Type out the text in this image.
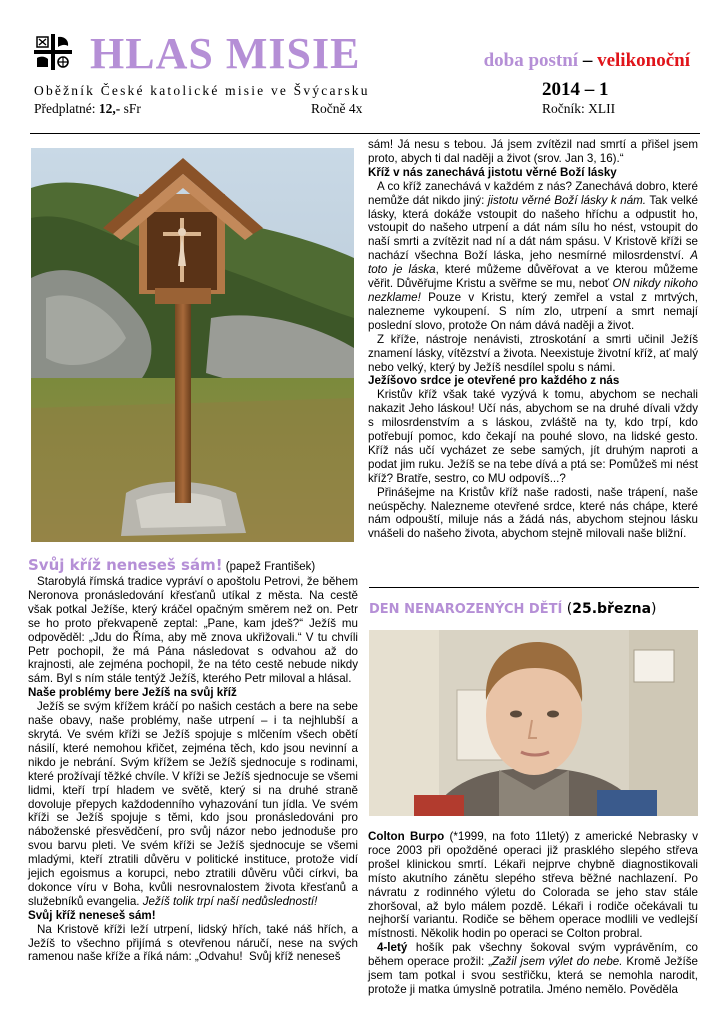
HLAS MISIE	doba postní – velikonoční
Oběžník České katolické misie ve Švýcarsku	2014 – 1
Předplatné: 12,- sFr	Ročně 4x	Ročník: XLII
Svůj kříž neneseš sám! (papež František)

Starobylá římská tradice vypráví o apoštolu Petrovi, že během Neronova pronásledování křesťanů utíkal z města. Na cestě však potkal Ježíše, který kráčel opačným směrem než on. Petr se ho proto překvapeně zeptal: „Pane, kam jdeš?“ Ježíš mu odpověděl: „Jdu do Říma, aby mě znova ukřižovali.“ V tu chvíli Petr pochopil, že má Pána následovat s odvahou až do krajnosti, ale zejména pochopil, že na této cestě nebude nikdy sám. Byl s ním stále tentýž Ježíš, kterého Petr miloval a hlásal.

Naše problémy bere Ježíš na svůj kříž

Ježíš se svým křížem kráčí po našich cestách a bere na sebe naše obavy, naše problémy, naše utrpení – i ta nejhlubší a skrytá. Ve svém kříži se Ježíš spojuje s mlčením všech obětí násilí, které nemohou křičet, zejména těch, kdo jsou nevinní a nikdo je nebrání. Svým křížem se Ježíš sjednocuje s rodinami, které prožívají těžké chvíle. V kříži se Ježíš sjednocuje se všemi lidmi, kteří trpí hladem ve světě, který si na druhé straně dovoluje přepych každodenního vyhazování tun jídla. Ve svém kříži se Ježíš spojuje s těmi, kdo jsou pronásledováni pro náboženské přesvědčení, pro svůj názor nebo jednoduše pro svou barvu pleti. Ve svém kříži se Ježíš sjednocuje se všemi mladými, kteří ztratili důvěru v politické instituce, protože vidí jejich egoismus a korupci, nebo ztratili důvěru vůči církvi, ba dokonce víru v Boha, kvůli nesrovnalostem života křesťanů a služebníků evangelia. Ježíš tolik trpí naší nedůsledností!

Svůj kříž neneseš sám!

Na Kristově kříži leží utrpení, lidský hřích, také náš hřích, a Ježíš to všechno přijímá s otevřenou náručí, nese na svých ramenou naše kříže a říká nám: „Odvahu!  Svůj kříž neneseš

sám! Já nesu s tebou. Já jsem zvítězil nad smrtí a přišel jsem proto, abych ti dal naději a život (srov. Jan 3, 16).“

Kříž v nás zanechává jistotu věrné Boží lásky

A co kříž zanechává v každém z nás? Zanechává dobro, které nemůže dát nikdo jiný: jistotu věrné Boží lásky k nám. Tak velké lásky, která dokáže vstoupit do našeho hříchu a odpustit ho, vstoupit do našeho utrpení a dát nám sílu ho nést, vstoupit do naší smrti a zvítězit nad ní a dát nám spásu. V Kristově kříži se nachází všechna Boží láska, jeho nesmírné milosrdenství. A toto je láska, které můžeme důvěřovat a ve kterou můžeme věřit. Důvěřujme Kristu a svěřme se mu, neboť ON nikdy nikoho nezklame! Pouze v Kristu, který zemřel a vstal z mrtvých, nalezneme vykoupení. S ním zlo, utrpení a smrt nemají poslední slovo, protože On nám dává naději a život.

Z kříže, nástroje nenávisti, ztroskotání a smrti učinil Ježíš znamení lásky, vítězství a života. Neexistuje životní kříž, ať malý nebo velký, který by Ježíš nesdílel spolu s námi.

Ježíšovo srdce je otevřené pro každého z nás

Kristův kříž však také vyzývá k tomu, abychom se nechali nakazit Jeho láskou! Učí nás, abychom se na druhé dívali vždy s milosrdenstvím a s láskou, zvláště na ty, kdo trpí, kdo potřebují pomoc, kdo čekají na pouhé slovo, na lidské gesto. Kříž nás učí vycházet ze sebe samých, jít druhým naproti a podat jim ruku. Ježíš se na tebe dívá a ptá se: Pomůžeš mi nést kříž? Bratře, sestro, co MU odpovíš...?

Přinášejme na Kristův kříž naše radosti, naše trápení, naše neúspěchy. Nalezneme otevřené srdce, které nás chápe, které nám odpouští, miluje nás a žádá nás, abychom stejnou lásku vnášeli do našeho života, abychom stejně milovali naše bližní.

DEN NENAROZENÝCH DĚTÍ (25.března)

Colton Burpo (*1999, na foto 11letý) z americké Nebrasky v roce 2003 při opožděné operaci již prasklého slepého střeva prošel klinickou smrtí. Lékaři nejprve chybně diagnostikovali místo akutního zánětu slepého střeva běžné nachlazení. Po návratu z rodinného výletu do Colorada se jeho stav stále zhoršoval, až bylo málem pozdě. Lékaři i rodiče očekávali tu nejhorší variantu. Rodiče se během operace modlili ve vedlejší místnosti. Několik hodin po operaci se Colton probral.

4-letý hošík pak všechny šokoval svým vyprávěním, co během operace prožil: „Zažil jsem výlet do nebe. Kromě Ježíše jsem tam potkal i svou sestřičku, která se nemohla narodit, protože ji matka úmyslně potratila. Jméno nemělo. Pověděla
